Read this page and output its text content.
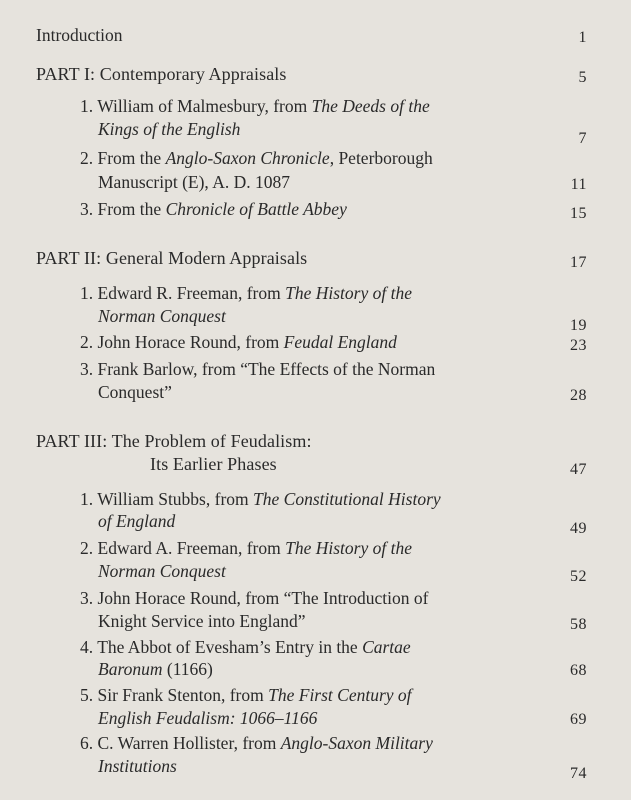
Introduction	1
PART I: Contemporary Appraisals	5
1. William of Malmesbury, from The Deeds of the
Kings of the English	7
2. From the Anglo-Saxon Chronicle, Peterborough
Manuscript (E), A. D. 1087	11
3. From the Chronicle of Battle Abbey	15
PART II: General Modern Appraisals	17
1. Edward R. Freeman, from The History of the
Norman Conquest	19
2. John Horace Round, from Feudal England	23
3. Frank Barlow, from “The Effects of the Norman
Conquest”	28
PART III: The Problem of Feudalism:
Its Earlier Phases	47
1. William Stubbs, from The Constitutional History
of England	49
2. Edward A. Freeman, from The History of the
Norman Conquest	52
3. John Horace Round, from “The Introduction of
Knight Service into England”	58
4. The Abbot of Evesham’s Entry in the Cartae
Baronum (1166)	68
5. Sir Frank Stenton, from The First Century of
English Feudalism: 1066–1166	69
6. C. Warren Hollister, from Anglo-Saxon Military
Institutions	74
